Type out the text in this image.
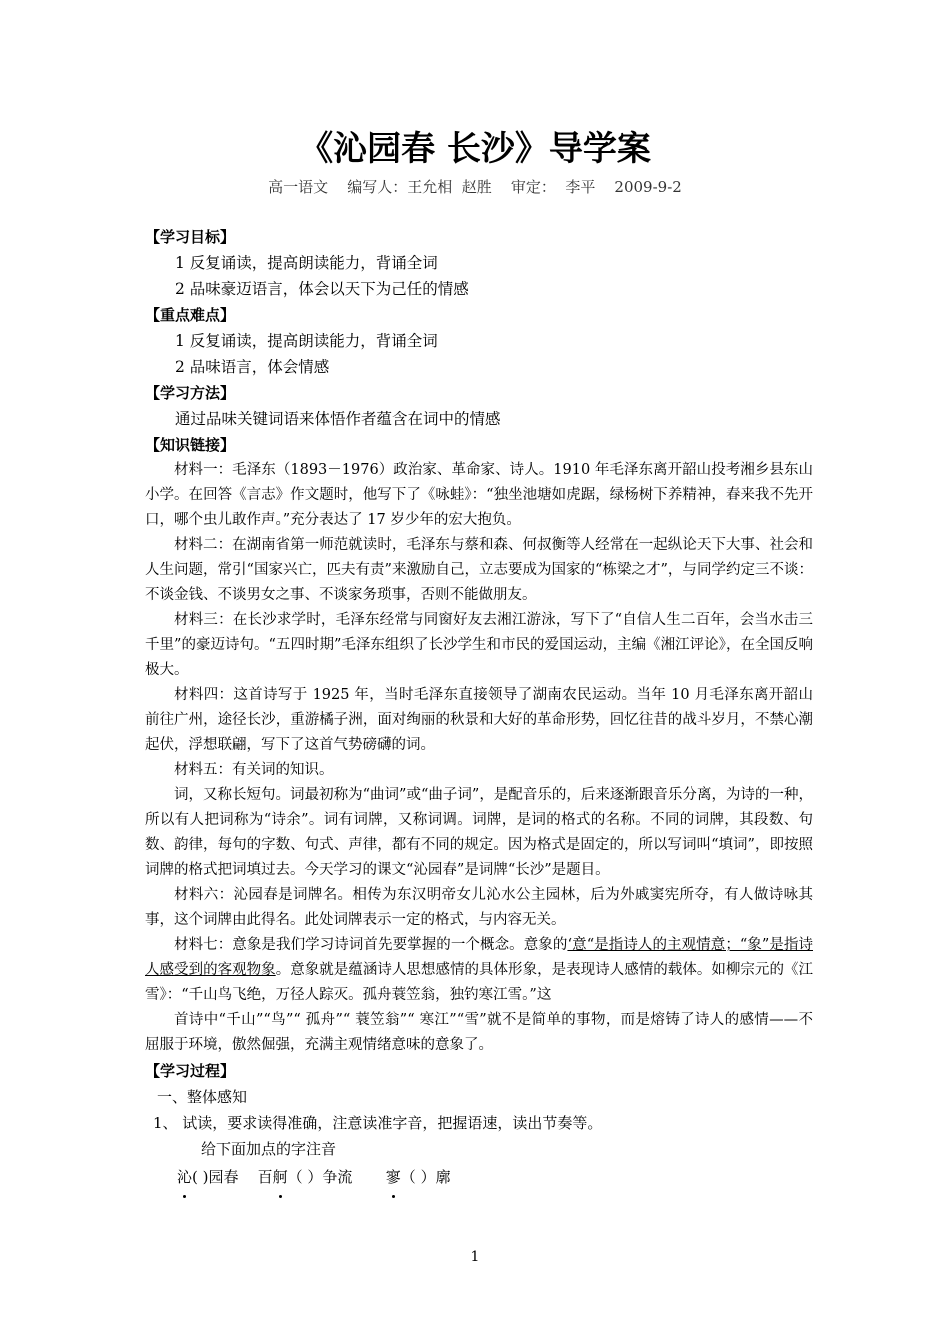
《沁园春 长沙》导学案
高一语文    编写人：王允相  赵胜    审定：  李平    2009-9-2
【学习目标】
1 反复诵读，提高朗读能力，背诵全词
2 品味豪迈语言，体会以天下为己任的情感
【重点难点】
1 反复诵读，提高朗读能力，背诵全词
2 品味语言，体会情感
【学习方法】
通过品味关键词语来体悟作者蕴含在词中的情感
【知识链接】
材料一：毛泽东（1893－1976）政治家、革命家、诗人。1910 年毛泽东离开韶山投考湘乡县东山小学。在回答《言志》作文题时，他写下了《咏蛙》：“独坐池塘如虎踞，绿杨树下养精神，春来我不先开口，哪个虫儿敢作声。”充分表达了 17 岁少年的宏大抱负。
材料二：在湖南省第一师范就读时，毛泽东与蔡和森、何叔衡等人经常在一起纵论天下大事、社会和人生问题，常引“国家兴亡，匹夫有责”来激励自己，立志要成为国家的“栋梁之才”，与同学约定三不谈：不谈金钱、不谈男女之事、不谈家务琐事，否则不能做朋友。
材料三：在长沙求学时，毛泽东经常与同窗好友去湘江游泳，写下了“自信人生二百年，会当水击三千里”的豪迈诗句。“五四时期”毛泽东组织了长沙学生和市民的爱国运动，主编《湘江评论》，在全国反响极大。
材料四：这首诗写于 1925 年，当时毛泽东直接领导了湖南农民运动。当年 10 月毛泽东离开韶山前往广州，途径长沙，重游橘子洲，面对绚丽的秋景和大好的革命形势，回忆往昔的战斗岁月，不禁心潮起伏，浮想联翩，写下了这首气势磅礴的词。
材料五：有关词的知识。
词，又称长短句。词最初称为“曲词”或“曲子词”，是配音乐的，后来逐渐跟音乐分离，为诗的一种，所以有人把词称为“诗余”。词有词牌，又称词调。词牌，是词的格式的名称。不同的词牌，其段数、句数、韵律，每句的字数、句式、声律，都有不同的规定。因为格式是固定的，所以写词叫“填词”，即按照词牌的格式把词填过去。今天学习的课文“沁园春”是词牌“长沙”是题目。
材料六：沁园春是词牌名。相传为东汉明帝女儿沁水公主园林，后为外戚窦宪所夺，有人做诗咏其事，这个词牌由此得名。此处词牌表示一定的格式，与内容无关。
材料七：意象是我们学习诗词首先要掌握的一个概念。意象的‘意“是指诗人的主观情意；“象”是指诗人感受到的客观物象。意象就是蕴涵诗人思想感情的具体形象，是表现诗人感情的载体。如柳宗元的《江雪》：“千山鸟飞绝，万径人踪灭。孤舟蓑笠翁，独钓寒江雪。”这
首诗中“千山”“鸟”“ 孤舟”“ 蓑笠翁”“ 寒江”“雪”就不是简单的事物，而是熔铸了诗人的感情——不屈服于环境，傲然倔强，充满主观情绪意味的意象了。
【学习过程】
一、整体感知
1、 试读，要求读得准确，注意读准字音，把握语速，读出节奏等。
给下面加点的字注音
沁( )园春 百舸（ ）争流 寥（ ）廓
1
